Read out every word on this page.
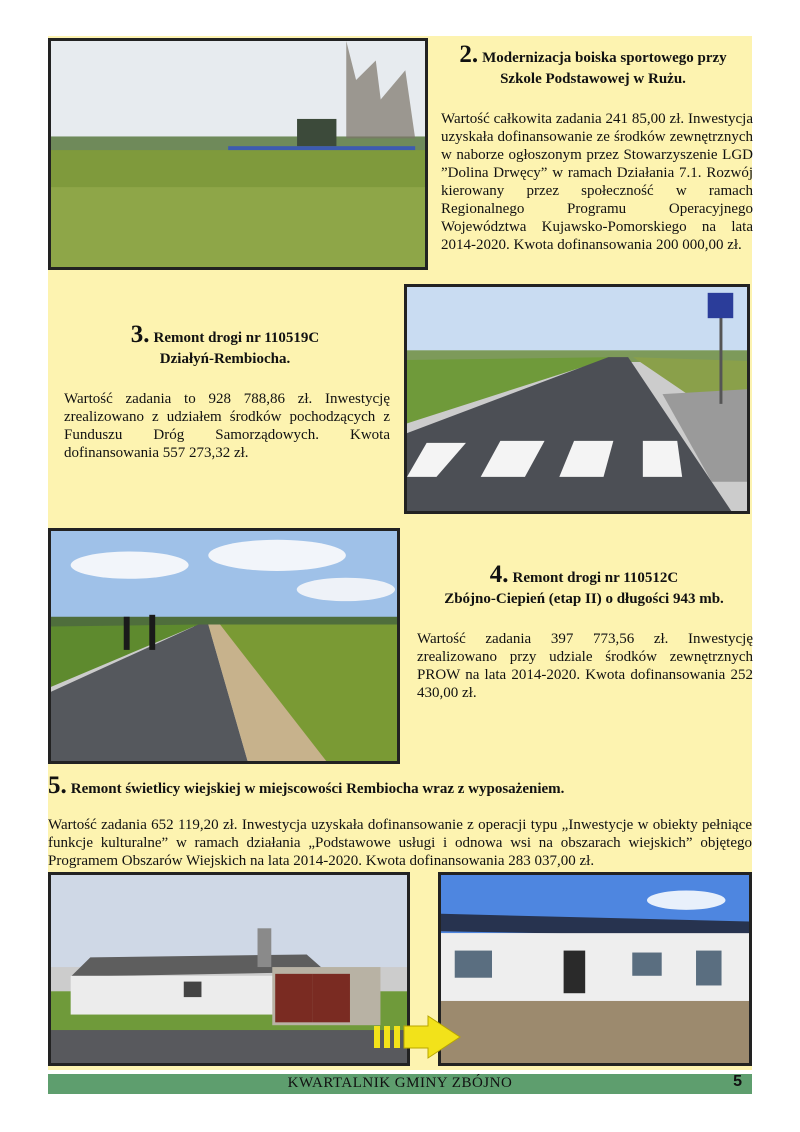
2. Modernizacja boiska sportowego przy
Szkole Podstawowej w Rużu.
Wartość całkowita zadania 241 85,00 zł. Inwestycja uzyskała dofinansowanie ze środków zewnętrznych w naborze ogłoszonym przez Stowarzyszenie LGD ”Dolina Drwęcy” w ramach Działania 7.1. Rozwój kierowany przez społeczność w ramach Regionalnego Programu Operacyjnego Województwa Kujawsko-Pomorskiego na lata 2014-2020. Kwota dofinansowania 200 000,00 zł.
3. Remont drogi nr 110519C
Działyń-Rembiocha.
Wartość zadania to 928 788,86 zł. Inwestycję zrealizowano z udziałem środków pochodzących z Funduszu Dróg Samorządowych. Kwota dofinansowania 557 273,32 zł.
4. Remont drogi nr 110512C
Zbójno-Ciepień (etap II) o długości 943 mb.
Wartość zadania 397 773,56 zł. Inwestycję zrealizowano przy udziale środków zewnętrznych PROW na lata 2014-2020. Kwota dofinansowania 252 430,00 zł.
5. Remont świetlicy wiejskiej w miejscowości Rembiocha wraz z wyposażeniem.
Wartość zadania 652 119,20 zł. Inwestycja uzyskała dofinansowanie z operacji typu „Inwestycje w obiekty pełniące funkcje kulturalne” w ramach działania „Podstawowe usługi i odnowa wsi na obszarach wiejskich” objętego Programem Obszarów Wiejskich na lata 2014-2020. Kwota dofinansowania 283 037,00 zł.
KWARTALNIK GMINY ZBÓJNO	5
